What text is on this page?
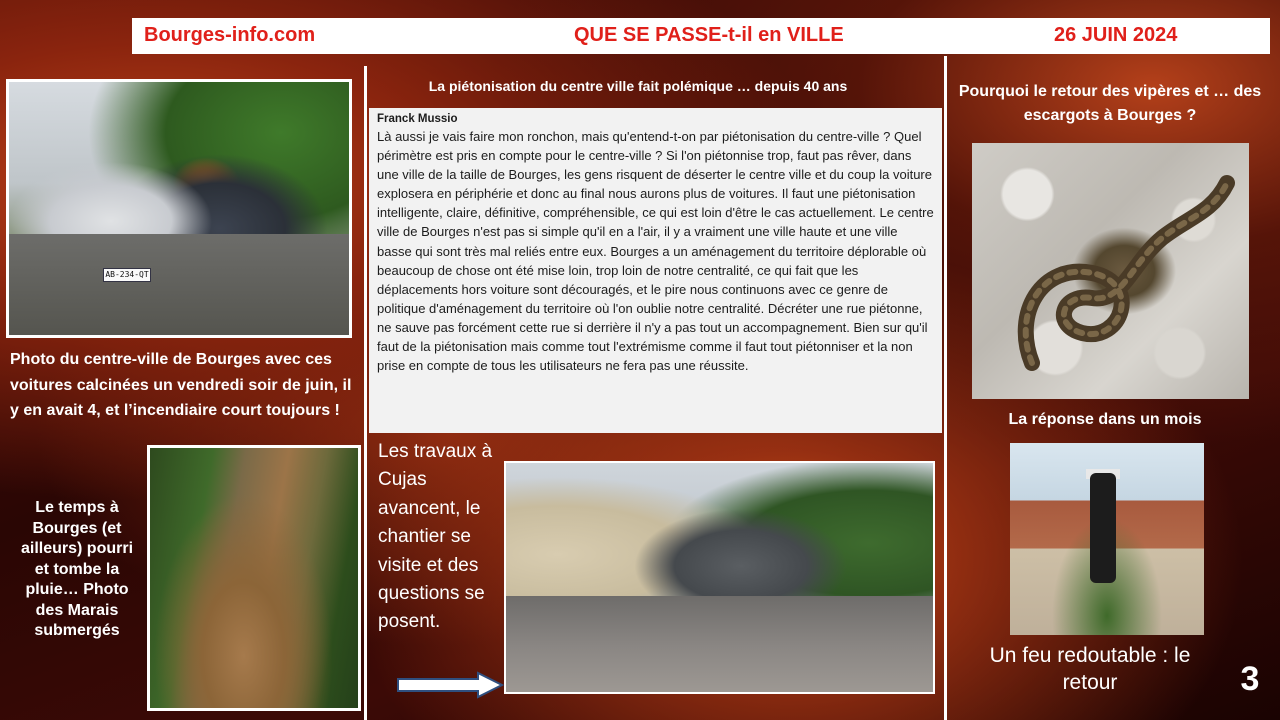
Bourges-info.com	QUE SE PASSE-t-il en VILLE	26 JUIN 2024
AB-234-QT
Photo du centre-ville de Bourges avec ces voitures calcinées un vendredi soir de juin, il y en avait 4, et l’incendiaire court toujours !
Le temps à Bourges (et ailleurs) pourri et tombe la pluie… Photo des Marais submergés
La piétonisation du centre ville fait polémique … depuis 40 ans
Franck Mussio

Là aussi je vais faire mon ronchon, mais qu'entend-t-on par piétonisation du centre-ville ? Quel périmètre est pris en compte pour le centre-ville ? Si l'on piétonnise trop, faut pas rêver, dans une ville de la taille de Bourges, les gens risquent de déserter le centre ville et du coup la voiture explosera en périphérie et donc au final nous aurons plus de voitures. Il faut une piétonisation intelligente, claire, définitive, compréhensible, ce qui est loin d'être le cas actuellement. Le centre ville de Bourges n'est pas si simple qu'il en a l'air, il y a vraiment une ville haute et une ville basse qui sont très mal reliés entre eux. Bourges a un aménagement du territoire déplorable où beaucoup de chose ont été mise loin, trop loin de notre centralité, ce qui fait que les déplacements hors voiture sont découragés, et le pire nous continuons avec ce genre de politique d'aménagement du territoire où l'on oublie notre centralité. Décréter une rue piétonne, ne sauve pas forcément cette rue si derrière il n'y a pas tout un accompagnement. Bien sur qu'il faut de la piétonisation mais comme tout l'extrémisme comme il faut tout piétonniser et la non prise en compte de tous les utilisateurs ne fera pas une réussite.

Les travaux à Cujas avancent, le chantier se visite et des questions se posent.
Pourquoi le retour des vipères et … des escargots à Bourges ?
La réponse dans un mois
Un feu redoutable : le retour	3
